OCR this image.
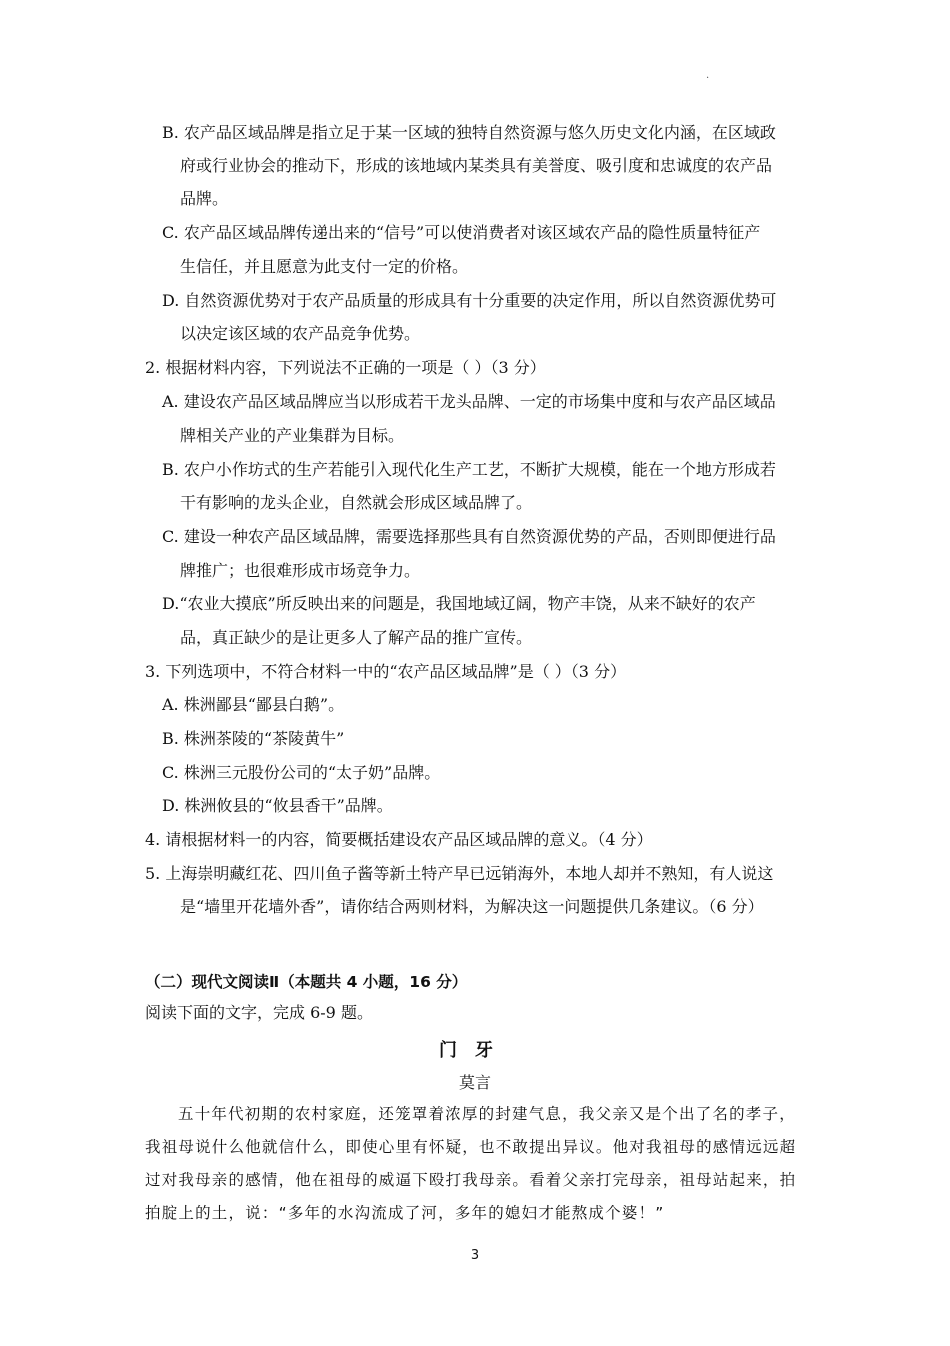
.
B. 农产品区域品牌是指立足于某一区域的独特自然资源与悠久历史文化内涵，在区域政
府或行业协会的推动下，形成的该地域内某类具有美誉度、吸引度和忠诚度的农产品
品牌。
C. 农产品区域品牌传递出来的“信号”可以使消费者对该区域农产品的隐性质量特征产
生信任，并且愿意为此支付一定的价格。
D. 自然资源优势对于农产品质量的形成具有十分重要的决定作用，所以自然资源优势可
以决定该区域的农产品竞争优势。
2. 根据材料内容，下列说法不正确的一项是（ ）（3 分）
A. 建设农产品区域品牌应当以形成若干龙头品牌、一定的市场集中度和与农产品区域品
牌相关产业的产业集群为目标。
B. 农户小作坊式的生产若能引入现代化生产工艺，不断扩大规模，能在一个地方形成若
干有影响的龙头企业，自然就会形成区域品牌了。
C. 建设一种农产品区域品牌，需要选择那些具有自然资源优势的产品，否则即便进行品
牌推广；也很难形成市场竞争力。
D.“农业大摸底”所反映出来的问题是，我国地域辽阔，物产丰饶，从来不缺好的农产
品，真正缺少的是让更多人了解产品的推广宣传。
3. 下列选项中，不符合材料一中的“农产品区域品牌”是（ ）（3 分）
A. 株洲鄙县“鄙县白鹅”。
B. 株洲茶陵的“茶陵黄牛”
C. 株洲三元股份公司的“太子奶”品牌。
D. 株洲攸县的“攸县香干”品牌。
4. 请根据材料一的内容，简要概括建设农产品区域品牌的意义。（4 分）
5. 上海崇明藏红花、四川鱼子酱等新土特产早已远销海外，本地人却并不熟知，有人说这
是“墙里开花墙外香”，请你结合两则材料，为解决这一问题提供几条建议。（6 分）
（二）现代文阅读Ⅱ（本题共 4 小题，16 分）
阅读下面的文字，完成 6-9 题。
门牙
莫言
五十年代初期的农村家庭，还笼罩着浓厚的封建气息，我父亲又是个出了名的孝子，
我祖母说什么他就信什么，即使心里有怀疑，也不敢提出异议。他对我祖母的感情远远超
过对我母亲的感情，他在祖母的威逼下殴打我母亲。看着父亲打完母亲，祖母站起来，拍
拍腚上的土，说：“多年的水沟流成了河，多年的媳妇才能熬成个婆！”
3
